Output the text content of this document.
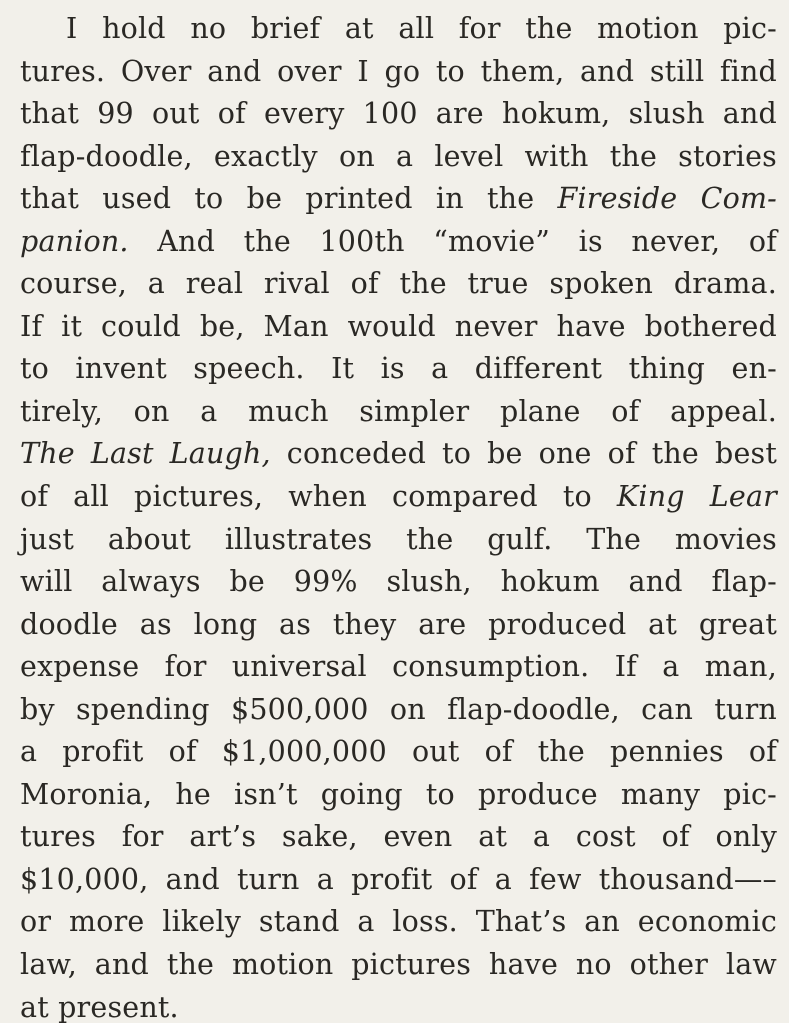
I hold no brief at all for the motion pic-
tures. Over and over I go to them, and still find
that 99 out of every 100 are hokum, slush and
flap-doodle, exactly on a level with the stories
that used to be printed in the Fireside Com-
panion. And the 100th “movie” is never, of
course, a real rival of the true spoken drama.
If it could be, Man would never have bothered
to invent speech. It is a different thing en-
tirely, on a much simpler plane of appeal.
The Last Laugh, conceded to be one of the best
of all pictures, when compared to King Lear
just about illustrates the gulf. The movies
will always be 99% slush, hokum and flap-
doodle as long as they are produced at great
expense for universal consumption. If a man,
by spending $500,000 on flap-doodle, can turn
a profit of $1,000,000 out of the pennies of
Moronia, he isn’t going to produce many pic-
tures for art’s sake, even at a cost of only
$10,000, and turn a profit of a few thousand—–
or more likely stand a loss. That’s an economic
law, and the motion pictures have no other law
at present.
